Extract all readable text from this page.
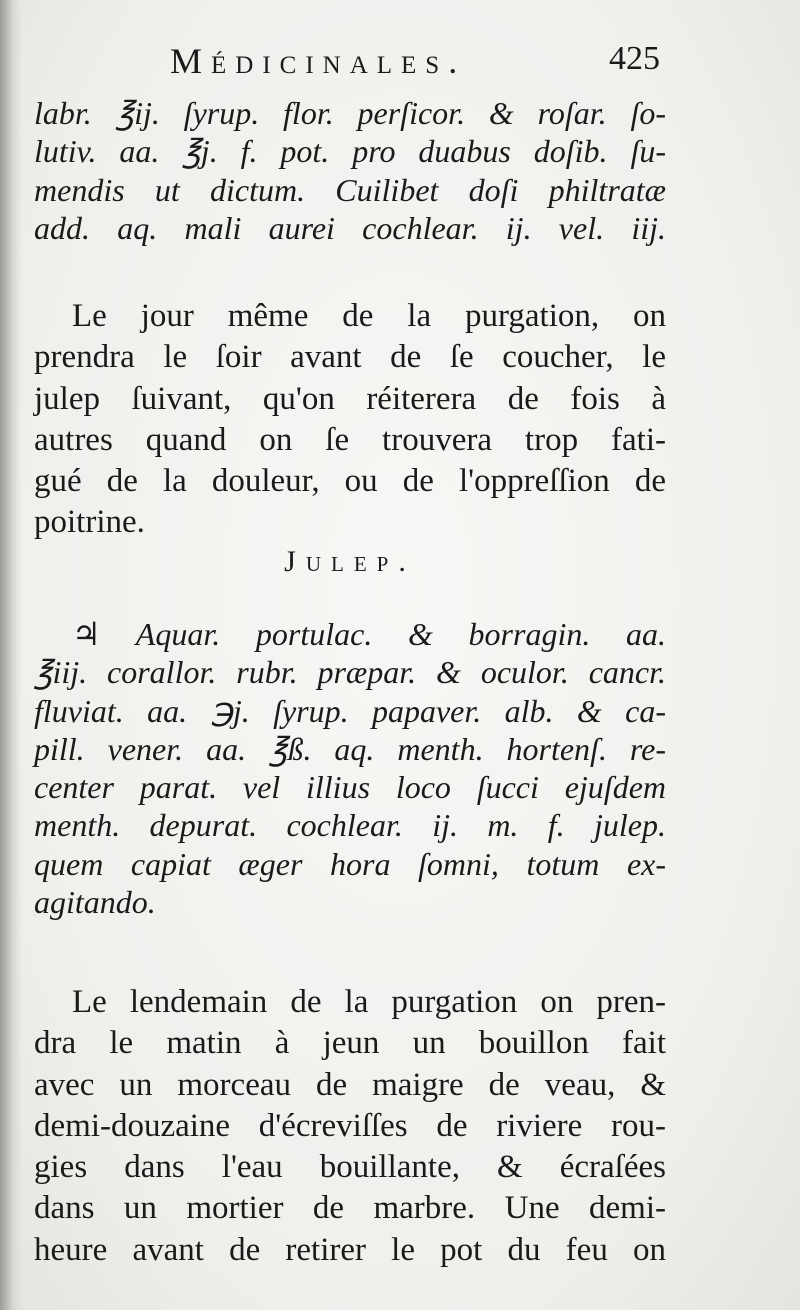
Médicinales.	425
labr. ℥ij. ſyrup. flor. perſicor. & roſar. ſo-
lutiv. aa. ℥j. f. pot. pro duabus doſib. ſu-
mendis ut dictum. Cuilibet doſi philtratæ
add. aq. mali aurei cochlear. ij. vel. iij.
Le jour même de la purgation, on
prendra le ſoir avant de ſe coucher, le
julep ſuivant, qu'on réiterera de fois à
autres quand on ſe trouvera trop fati-
gué de la douleur, ou de l'oppreſſion de
poitrine.
Julep.
♃ Aquar. portulac. & borragin. aa.
℥iij. corallor. rubr. præpar. & oculor. cancr.
fluviat. aa. ℈j. ſyrup. papaver. alb. & ca-
pill. vener. aa. ℥ß. aq. menth. hortenſ. re-
center parat. vel illius loco ſucci ejuſdem
menth. depurat. cochlear. ij. m. f. julep.
quem capiat æger hora ſomni, totum ex-
agitando.
Le lendemain de la purgation on pren-
dra le matin à jeun un bouillon fait
avec un morceau de maigre de veau, &
demi-douzaine d'écreviſſes de riviere rou-
gies dans l'eau bouillante, & écraſées
dans un mortier de marbre. Une demi-
heure avant de retirer le pot du feu on
